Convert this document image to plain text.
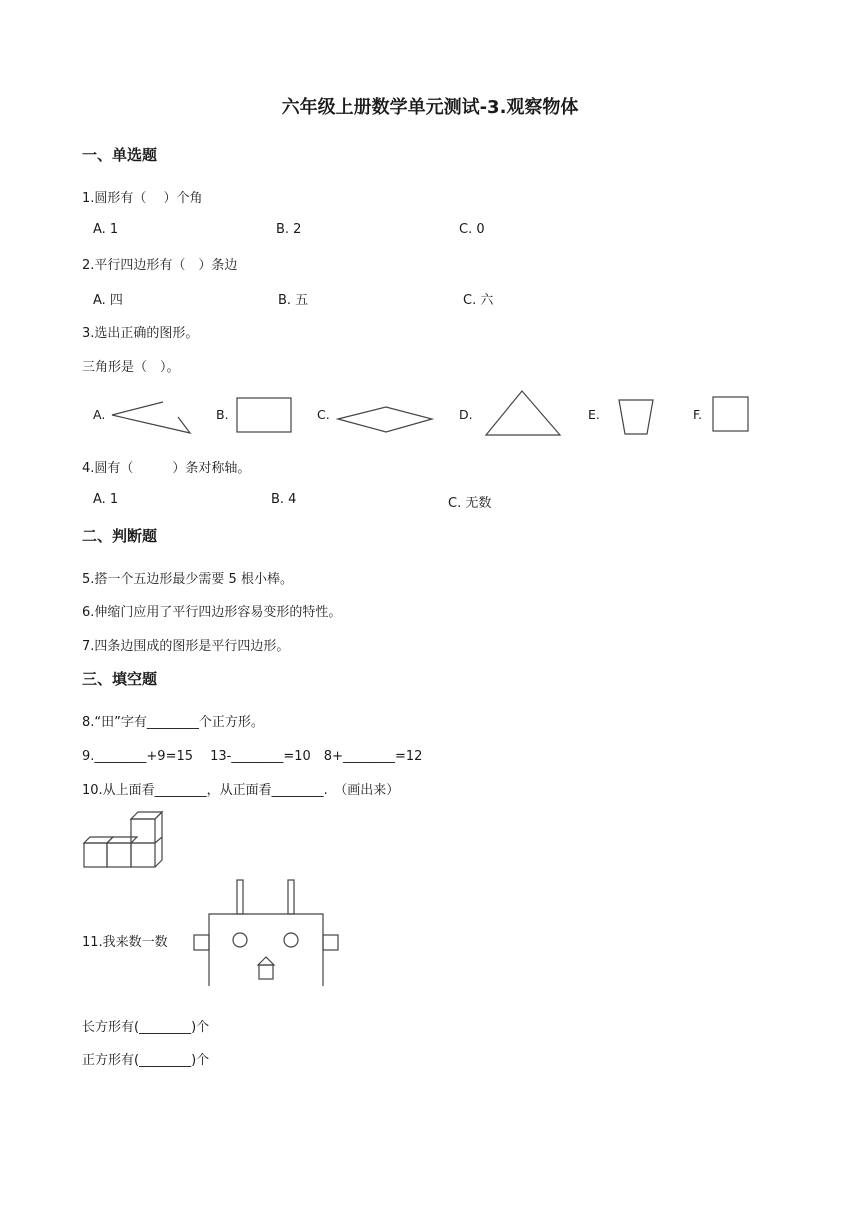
六年级上册数学单元测试-3.观察物体
一、单选题
1.圆形有（　 ）个角
A. 1	B. 2	C. 0
2.平行四边形有（　）条边
A. 四	B. 五	C. 六
3.选出正确的图形。
三角形是（　）。
A.	B.	C.	D.	E.	F.
4.圆有（　　　）条对称轴。
A. 1	B. 4	C. 无数
二、判断题
5.搭一个五边形最少需要 5 根小棒。
6.伸缩门应用了平行四边形容易变形的特性。
7.四条边围成的图形是平行四边形。
三、填空题
8.“田”字有________个正方形。
9.________+9=15　 13-________=10　8+________=12
10.从上面看________，从正面看________.　（画出来）
11.我来数一数
长方形有(________)个
正方形有(________)个
